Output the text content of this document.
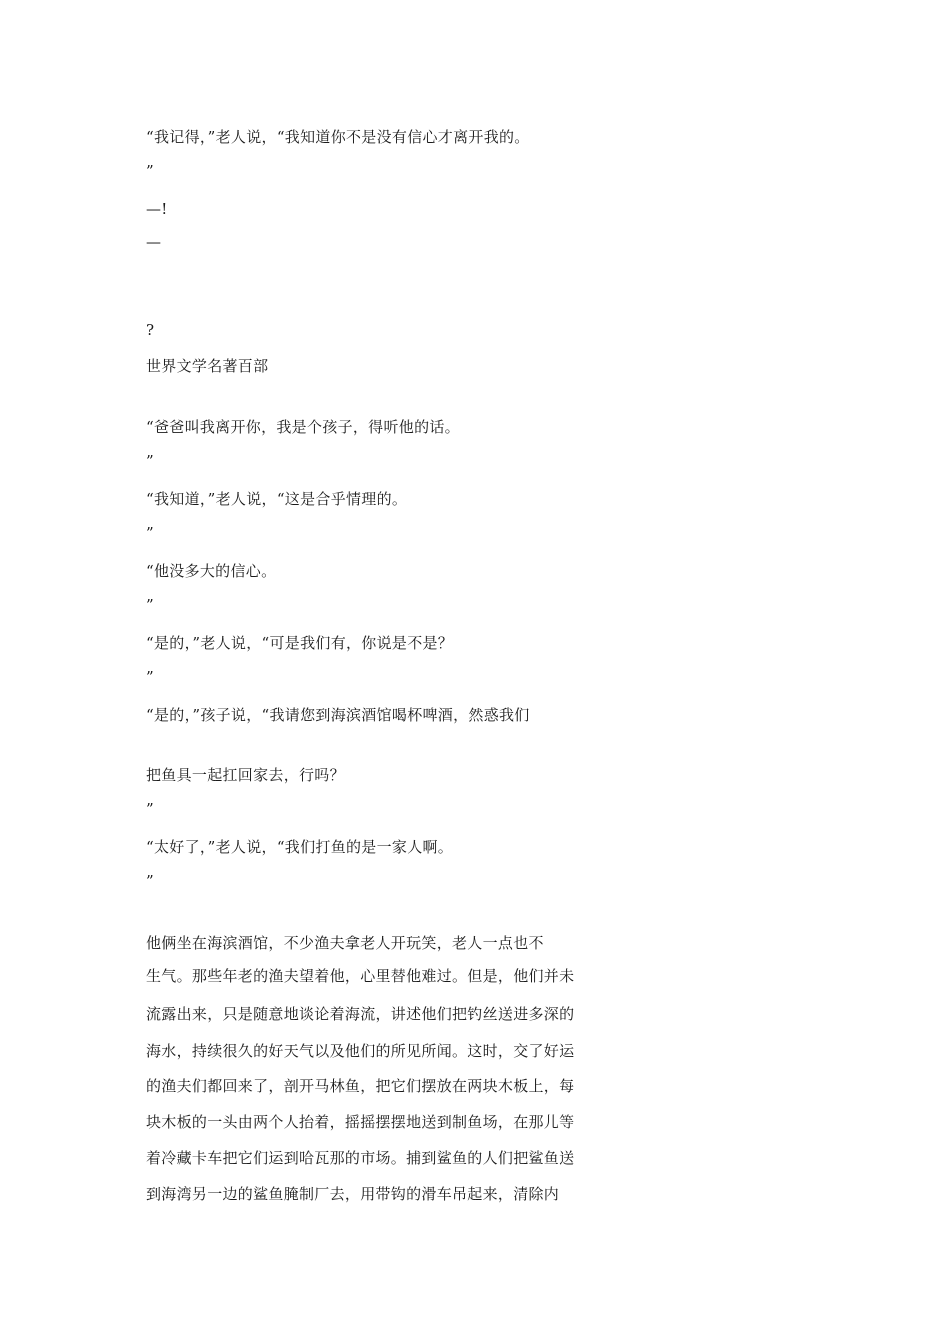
“我记得，”老人说，“我知道你不是没有信心才离开我的。
”
—!
—
?
世界文学名著百部
“爸爸叫我离开你，我是个孩子，得听他的话。
”
“我知道，”老人说，“这是合乎情理的。
”
“他没多大的信心。
”
“是的，”老人说，“可是我们有，你说是不是？
”
“是的，”孩子说，“我请您到海滨酒馆喝杯啤酒，然惑我们
把鱼具一起扛回家去，行吗？
”
“太好了，”老人说，“我们打鱼的是一家人啊。
”
他俩坐在海滨酒馆，不少渔夫拿老人开玩笑，老人一点也不
生气。那些年老的渔夫望着他，心里替他难过。但是，他们并未
流露出来，只是随意地谈论着海流，讲述他们把钓丝送进多深的
海水，持续很久的好天气以及他们的所见所闻。这时，交了好运
的渔夫们都回来了，剖开马林鱼，把它们摆放在两块木板上，每
块木板的一头由两个人抬着，摇摇摆摆地送到制鱼场，在那儿等
着冷藏卡车把它们运到哈瓦那的市场。捕到鲨鱼的人们把鲨鱼送
到海湾另一边的鲨鱼腌制厂去，用带钩的滑车吊起来，清除内
